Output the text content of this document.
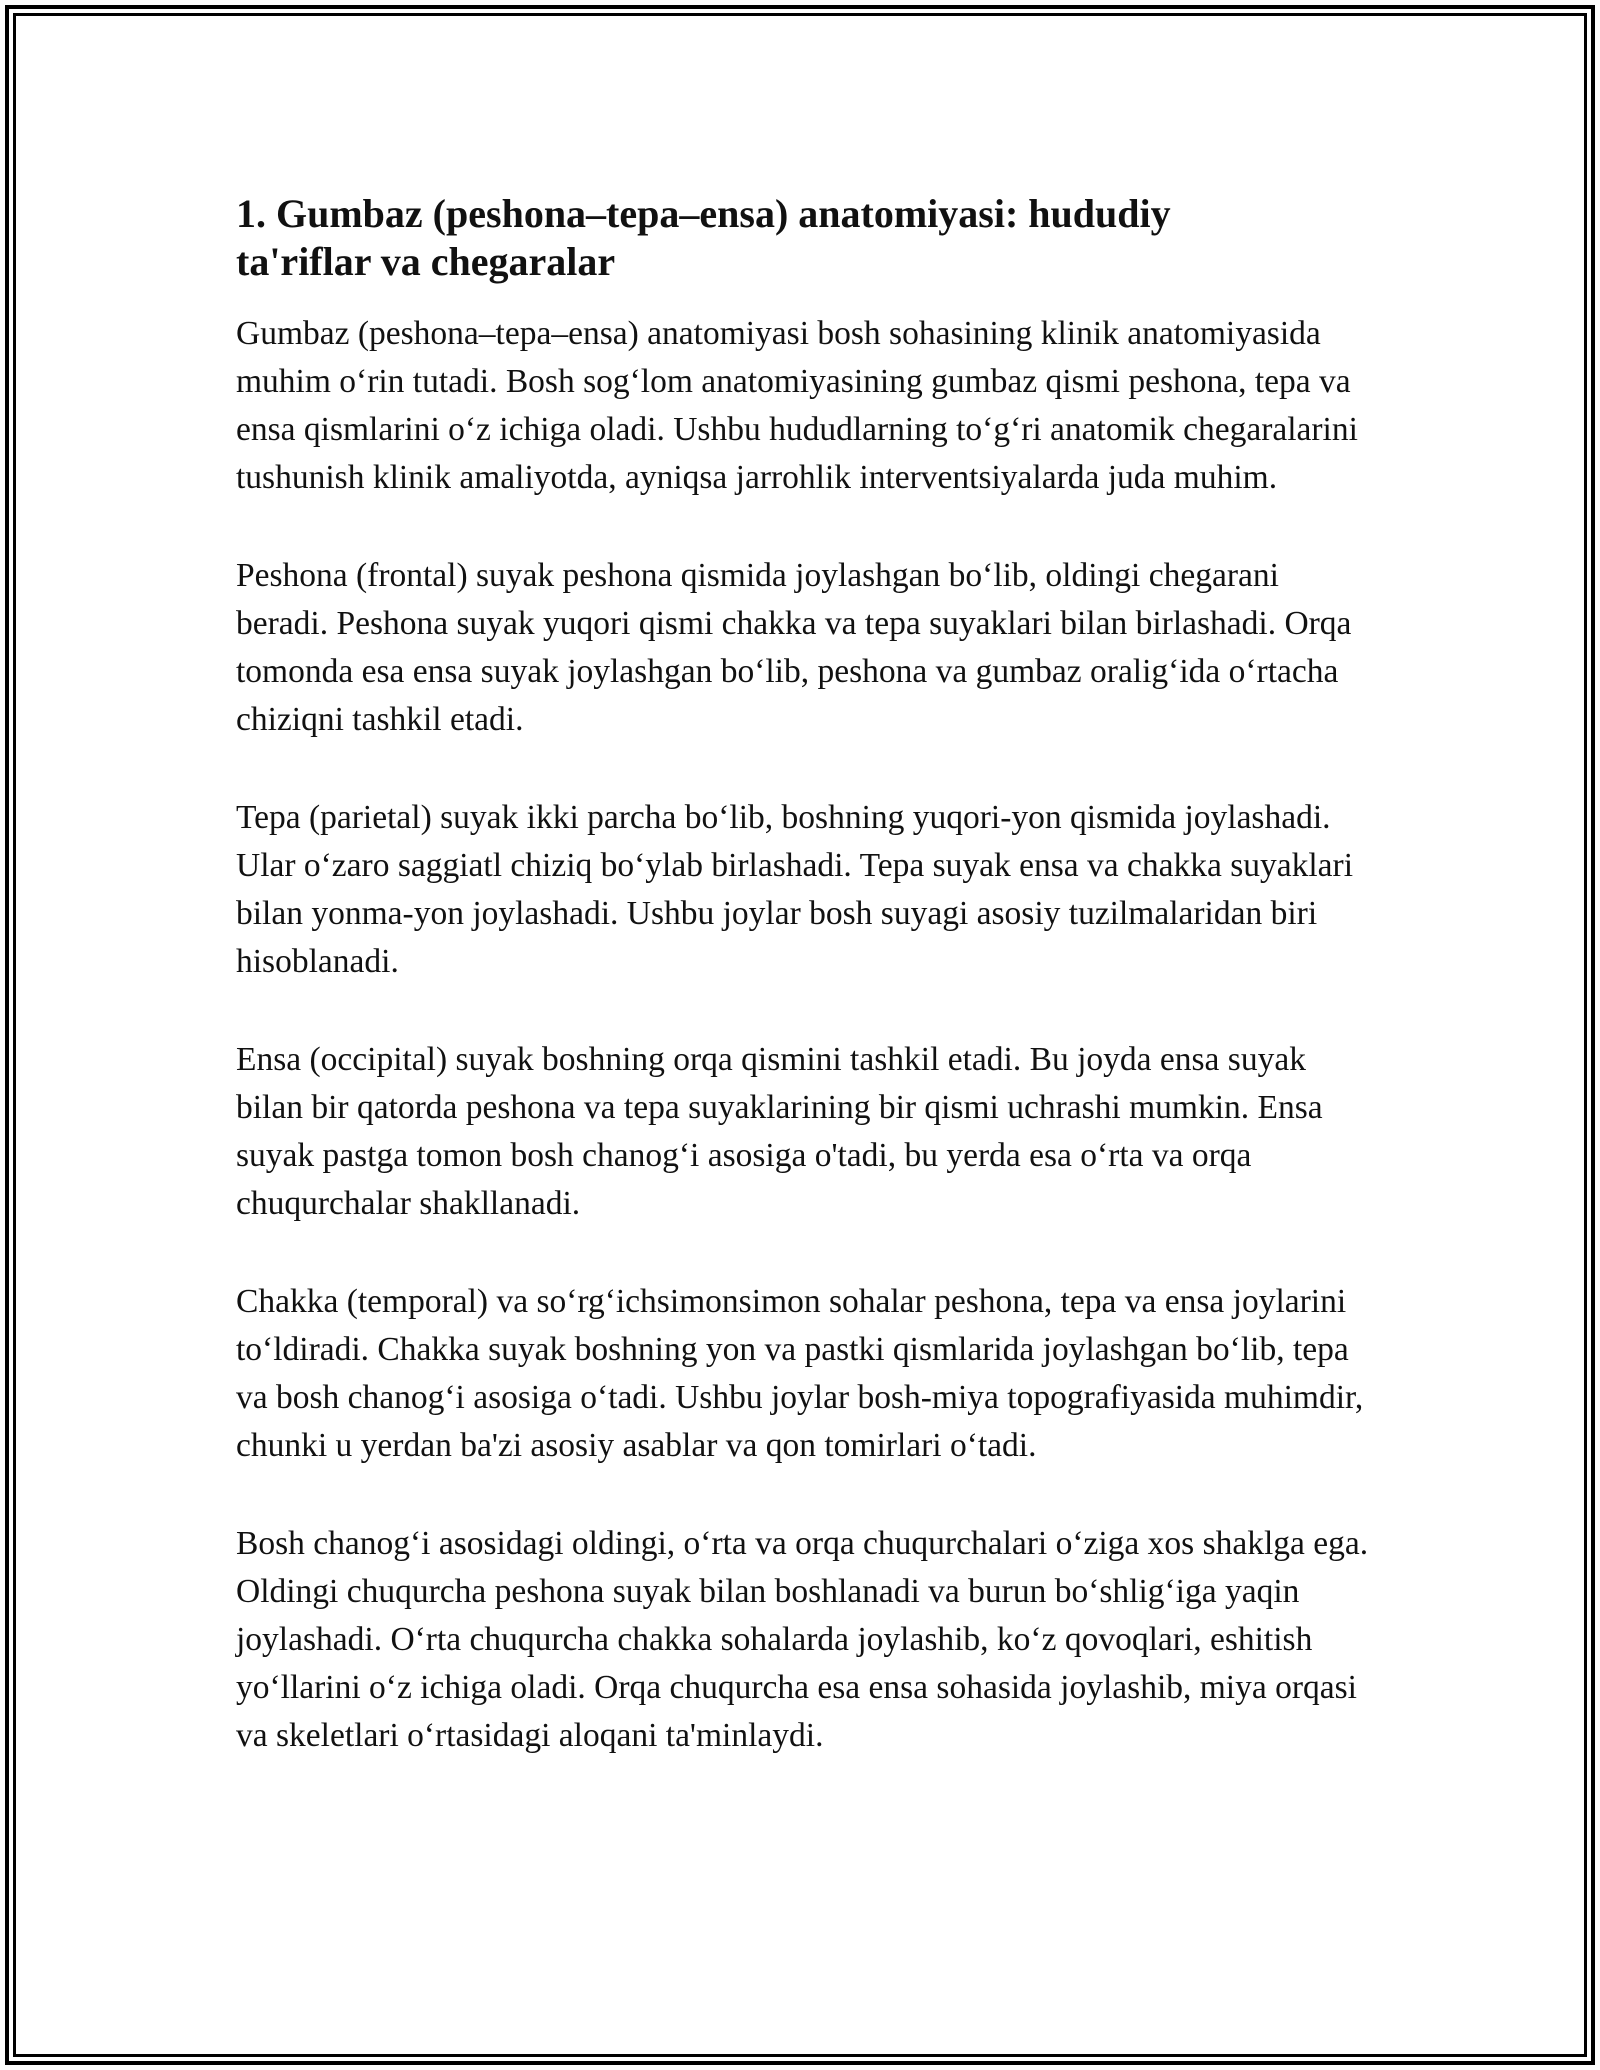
1. Gumbaz (peshona–tepa–ensa) anatomiyasi: hududiy ta'riflar va chegaralar

Gumbaz (peshona–tepa–ensa) anatomiyasi bosh sohasining klinik anatomiyasida muhim oʻrin tutadi. Bosh sogʻlom anatomiyasining gumbaz qismi peshona, tepa va ensa qismlarini oʻz ichiga oladi. Ushbu hududlarning toʻgʻri anatomik chegaralarini tushunish klinik amaliyotda, ayniqsa jarrohlik interventsiyalarda juda muhim.

Peshona (frontal) suyak peshona qismida joylashgan boʻlib, oldingi chegarani beradi. Peshona suyak yuqori qismi chakka va tepa suyaklari bilan birlashadi. Orqa tomonda esa ensa suyak joylashgan boʻlib, peshona va gumbaz oraligʻida oʻrtacha chiziqni tashkil etadi.

Tepa (parietal) suyak ikki parcha boʻlib, boshning yuqori-yon qismida joylashadi. Ular oʻzaro saggiatl chiziq boʻylab birlashadi. Tepa suyak ensa va chakka suyaklari bilan yonma-yon joylashadi. Ushbu joylar bosh suyagi asosiy tuzilmalaridan biri hisoblanadi.

Ensa (occipital) suyak boshning orqa qismini tashkil etadi. Bu joyda ensa suyak bilan bir qatorda peshona va tepa suyaklarining bir qismi uchrashi mumkin. Ensa suyak pastga tomon bosh chanogʻi asosiga o'tadi, bu yerda esa oʻrta va orqa chuqurchalar shakllanadi.

Chakka (temporal) va soʻrgʻichsimonsimon sohalar peshona, tepa va ensa joylarini toʻldiradi. Chakka suyak boshning yon va pastki qismlarida joylashgan boʻlib, tepa va bosh chanogʻi asosiga oʻtadi. Ushbu joylar bosh-miya topografiyasida muhimdir, chunki u yerdan ba'zi asosiy asablar va qon tomirlari oʻtadi.

Bosh chanogʻi asosidagi oldingi, oʻrta va orqa chuqurchalari oʻziga xos shaklga ega. Oldingi chuqurcha peshona suyak bilan boshlanadi va burun boʻshligʻiga yaqin joylashadi. Oʻrta chuqurcha chakka sohalarda joylashib, koʻz qovoqlari, eshitish yoʻllarini oʻz ichiga oladi. Orqa chuqurcha esa ensa sohasida joylashib, miya orqasi va skeletlari oʻrtasidagi aloqani ta'minlaydi.
